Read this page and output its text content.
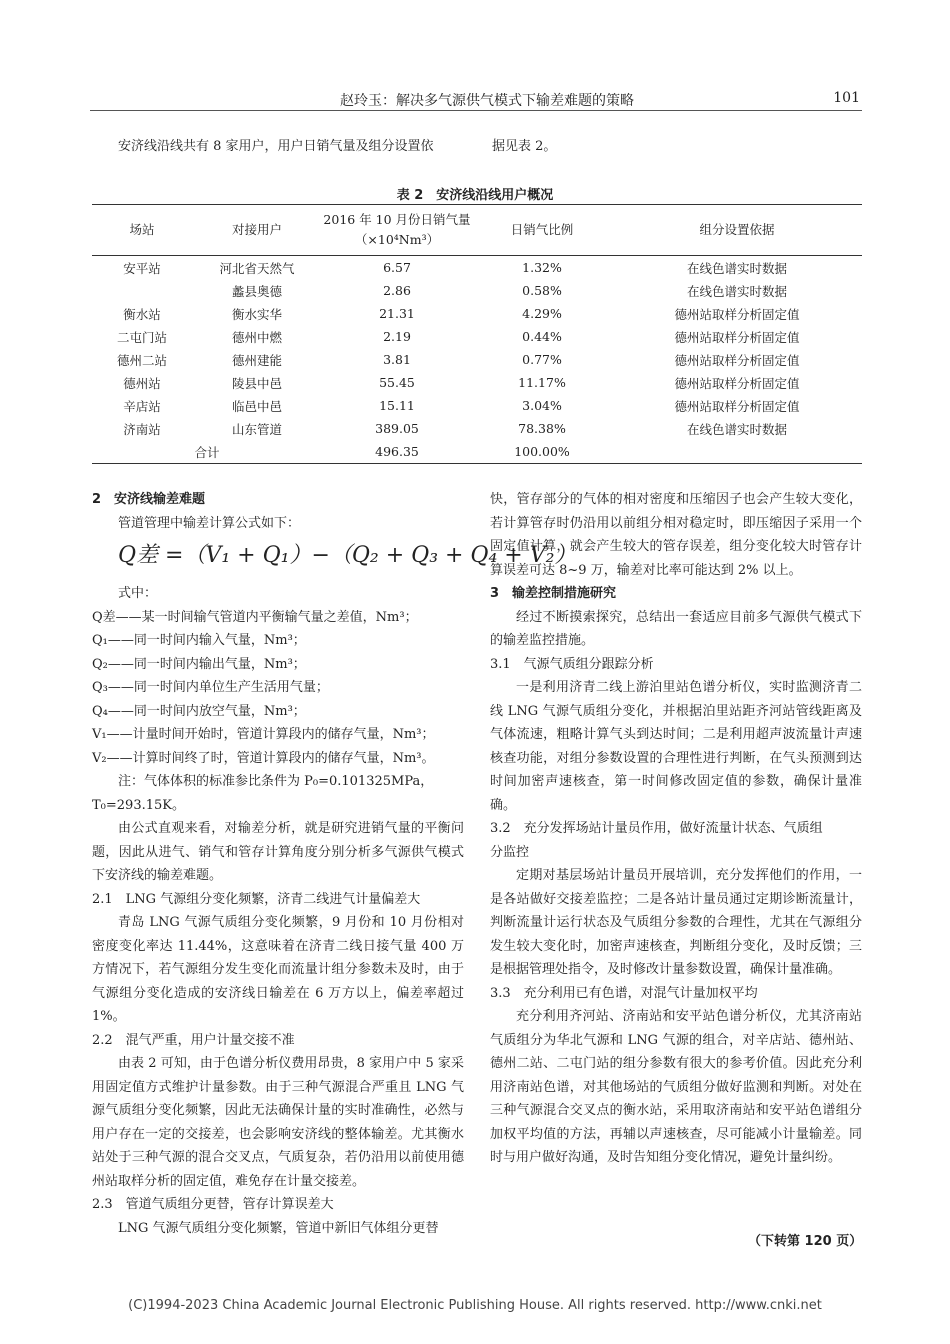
赵玲玉：解决多气源供气模式下输差难题的策略	101
安济线沿线共有 8 家用户，用户日销气量及组分设置依	据见表 2。
表 2　安济线沿线用户概况
场站	对接用户	2016 年 10 月份日销气量（×10⁴Nm³）	日销气比例	组分设置依据
安平站	河北省天然气	6.57	1.32%	在线色谱实时数据
	蠡县奥德	2.86	0.58%	在线色谱实时数据
衡水站	衡水实华	21.31	4.29%	德州站取样分析固定值
二屯门站	德州中燃	2.19	0.44%	德州站取样分析固定值
德州二站	德州建能	3.81	0.77%	德州站取样分析固定值
德州站	陵县中邑	55.45	11.17%	德州站取样分析固定值
辛店站	临邑中邑	15.11	3.04%	德州站取样分析固定值
济南站	山东管道	389.05	78.38%	在线色谱实时数据
合计		496.35	100.00%	
Q差 =（V₁ + Q₁）−（Q₂ + Q₃ + Q₄ + V₂）

2　安济线输差难题

管道管理中输差计算公式如下：

式中：

Q差——某一时间输气管道内平衡输气量之差值，Nm³；

Q₁——同一时间内输入气量，Nm³；

Q₂——同一时间内输出气量，Nm³；

Q₃——同一时间内单位生产生活用气量；

Q₄——同一时间内放空气量，Nm³；

V₁——计量时间开始时，管道计算段内的储存气量，Nm³；

V₂——计算时间终了时，管道计算段内的储存气量，Nm³。

注：气体体积的标准参比条件为 P₀=0.101325MPa，

T₀=293.15K。

由公式直观来看，对输差分析，就是研究进销气量的平衡问题，因此从进气、销气和管存计算角度分别分析多气源供气模式下安济线的输差难题。

2.1　LNG 气源组分变化频繁，济青二线进气计量偏差大

青岛 LNG 气源气质组分变化频繁，9 月份和 10 月份相对密度变化率达 11.44%，这意味着在济青二线日接气量 400 万方情况下，若气源组分发生变化而流量计组分参数未及时，由于气源组分变化造成的安济线日输差在 6 万方以上，偏差率超过 1%。

2.2　混气严重，用户计量交接不准

由表 2 可知，由于色谱分析仪费用昂贵，8 家用户中 5 家采用固定值方式维护计量参数。由于三种气源混合严重且 LNG 气源气质组分变化频繁，因此无法确保计量的实时准确性，必然与用户存在一定的交接差，也会影响安济线的整体输差。尤其衡水站处于三种气源的混合交叉点，气质复杂，若仍沿用以前使用德州站取样分析的固定值，难免存在计量交接差。

2.3　管道气质组分更替，管存计算误差大

LNG 气源气质组分变化频繁，管道中新旧气体组分更替

快，管存部分的气体的相对密度和压缩因子也会产生较大变化，若计算管存时仍沿用以前组分相对稳定时，即压缩因子采用一个固定值计算，就会产生较大的管存误差，组分变化较大时管存计算误差可达 8~9 万，输差对比率可能达到 2% 以上。

3　输差控制措施研究

经过不断摸索探究，总结出一套适应目前多气源供气模式下的输差监控措施。

3.1　气源气质组分跟踪分析

一是利用济青二线上游泊里站色谱分析仪，实时监测济青二线 LNG 气源气质组分变化，并根据泊里站距齐河站管线距离及气体流速，粗略计算气头到达时间；二是利用超声波流量计声速核查功能，对组分参数设置的合理性进行判断，在气头预测到达时间加密声速核查，第一时间修改固定值的参数，确保计量准确。

3.2　充分发挥场站计量员作用，做好流量计状态、气质组

分监控

定期对基层场站计量员开展培训，充分发挥他们的作用，一是各站做好交接差监控；二是各站计量员通过定期诊断流量计，判断流量计运行状态及气质组分参数的合理性，尤其在气源组分发生较大变化时，加密声速核查，判断组分变化，及时反馈；三是根据管理处指令，及时修改计量参数设置，确保计量准确。

3.3　充分利用已有色谱，对混气计量加权平均

充分利用齐河站、济南站和安平站色谱分析仪，尤其济南站气质组分为华北气源和 LNG 气源的组合，对辛店站、德州站、德州二站、二屯门站的组分参数有很大的参考价值。因此充分利用济南站色谱，对其他场站的气质组分做好监测和判断。对处在三种气源混合交叉点的衡水站，采用取济南站和安平站色谱组分加权平均值的方法，再辅以声速核查，尽可能减小计量输差。同时与用户做好沟通，及时告知组分变化情况，避免计量纠纷。

（下转第 120 页）
(C)1994-2023 China Academic Journal Electronic Publishing House. All rights reserved. http://www.cnki.net
